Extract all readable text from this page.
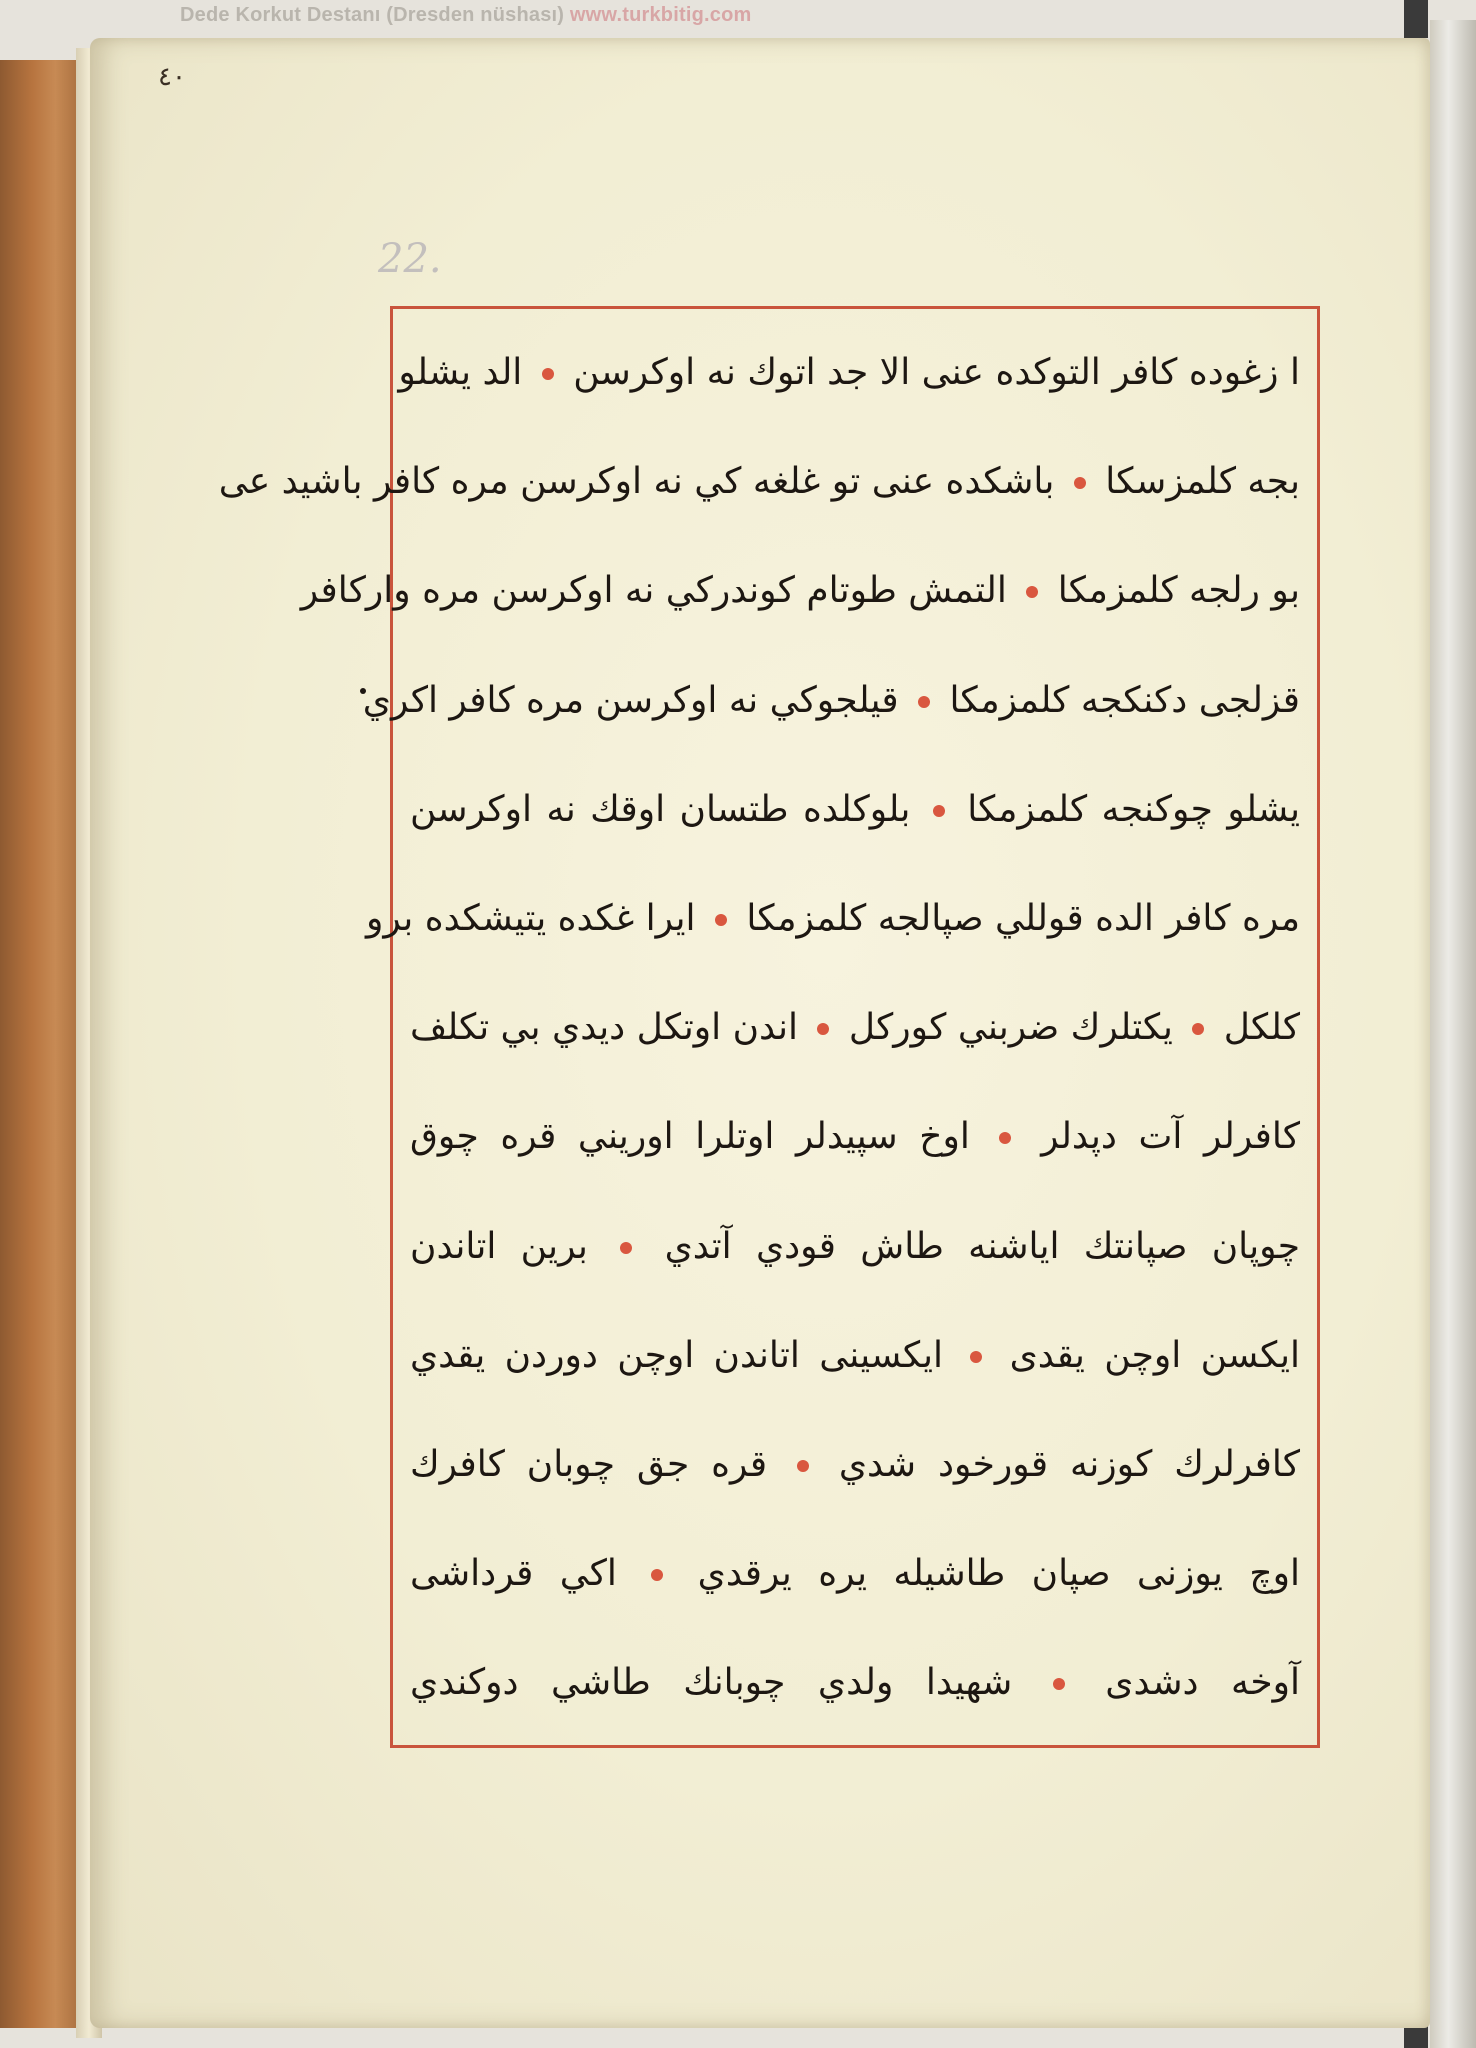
Dede Korkut Destanı (Dresden nüshası) www.turkbitig.com
٤٠
22.
ا زغوده كافر التوكده عنی الا جد اتوك نه اوكرسن  الد يشلو
بجه كلمزسكا  باشكده عنی تو غلغه كي نه اوكرسن مره كافر باشید عی
بو رلجه كلمزمكا  التمش طوتام كوندركي نه اوكرسن مره واركافر
قزلجی دكنكجه كلمزمكا  قیلجوكي نه اوكرسن مره كافر اكري
يشلو چوكنجه كلمزمكا  بلوكلده طتسان اوقك نه اوكرسن
مره كافر الده قوللي صپالجه كلمزمكا  ايرا غكده يتيشكده برو
كلكل  يكتلرك ضربني كوركل  اندن اوتكل ديدي بي تكلف
كافرلر آت دپدلر  اوخ سپیدلر اوتلرا اوريني قره چوق
چوپان صپانتك اياشنه طاش قودي آتدي  برين اتاندن
ایكسن اوچن یقدی  ایكسینی اتاندن اوچن دوردن يقدي
كافرلرك كوزنه قورخود شدي  قره جق چوبان كافرك
اوچ یوزنی صپان طاشیله یره يرقدي  اكي قرداشی
آوخه دشدی  شهيدا ولدي چوبانك طاشي دوكندي
